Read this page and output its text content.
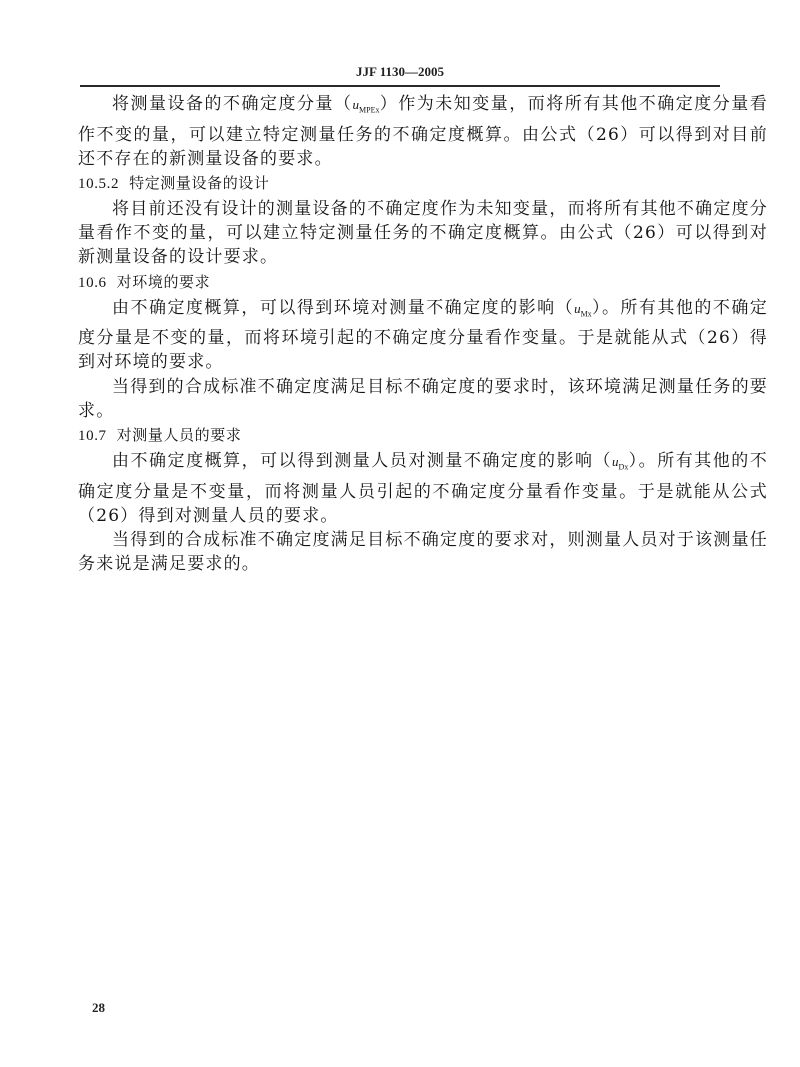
JJF 1130—2005

将测量设备的不确定度分量$(u_{MPEx})$作为未知变量，而将所有其他不确定度分量看作不变的量，可以建立特定测量任务的不确定度概算。由公式（26）可以得到对目前还不存在的新测量设备的要求。

10.5.2 特定测量设备的设计

将目前还没有设计的测量设备的不确定度作为未知变量，而将所有其他不确定度分量看作不变的量，可以建立特定测量任务的不确定度概算。由公式（26）可以得到对新测量设备的设计要求。

10.6 对环境的要求

由不确定度概算，可以得到环境对测量不确定度的影响$(u_{Mx})$。所有其他的不确定度分量是不变的量，而将环境引起的不确定度分量看作变量。于是就能从式（26）得到对环境的要求。

当得到的合成标准不确定度满足目标不确定度的要求时，该环境满足测量任务的要求。

10.7 对测量人员的要求

由不确定度概算，可以得到测量人员对测量不确定度的影响$(u_{Dx})$。所有其他的不确定度分量是不变量，而将测量人员引起的不确定度分量看作变量。于是就能从公式（26）得到对测量人员的要求。

当得到的合成标准不确定度满足目标不确定度的要求对，则测量人员对于该测量任务来说是满足要求的。

28
